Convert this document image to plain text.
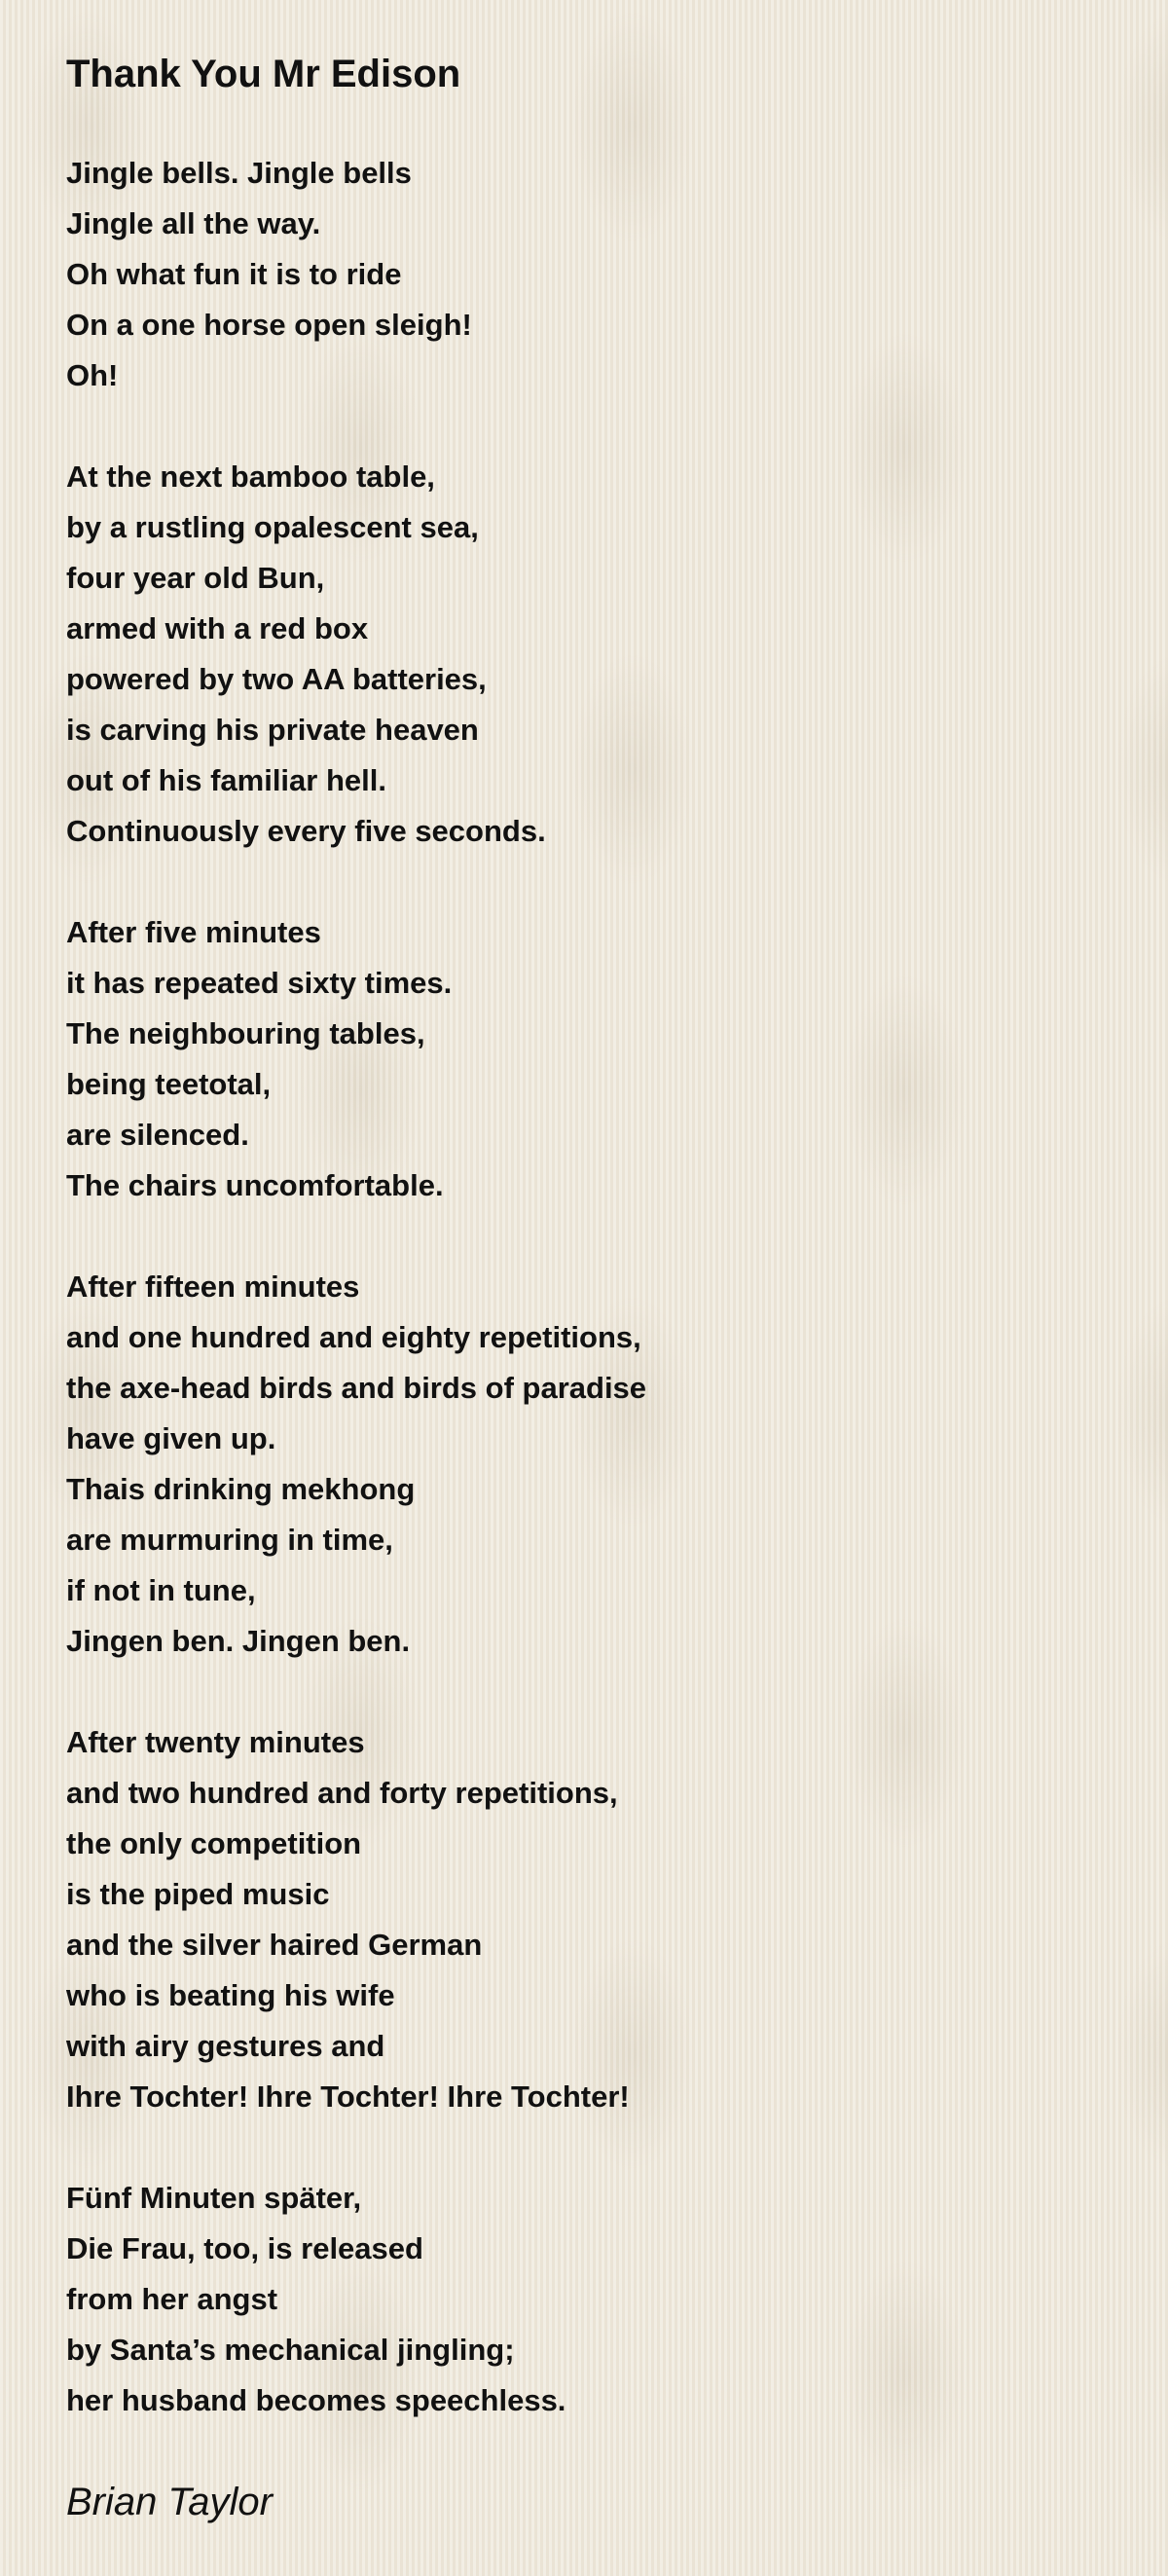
Thank You Mr Edison
Jingle bells. Jingle bells
Jingle all the way.
Oh what fun it is to ride
On a one horse open sleigh!
Oh!
At the next bamboo table,
by a rustling opalescent sea,
four year old Bun,
armed with a red box
powered by two AA batteries,
is carving his private heaven
out of his familiar hell.
Continuously every five seconds.
After five minutes
it has repeated sixty times.
The neighbouring tables,
being teetotal,
are silenced.
The chairs uncomfortable.
After fifteen minutes
and one hundred and eighty repetitions,
the axe-head birds and birds of paradise
have given up.
Thais drinking mekhong
are murmuring in time,
if not in tune,
Jingen ben. Jingen ben.
After twenty minutes
and two hundred and forty repetitions,
the only competition
is the piped music
and the silver haired German
who is beating his wife
with airy gestures and
Ihre Tochter! Ihre Tochter! Ihre Tochter!
Fünf Minuten später,
Die Frau, too, is released
from her angst
by Santa’s mechanical jingling;
her husband becomes speechless.
Brian Taylor
